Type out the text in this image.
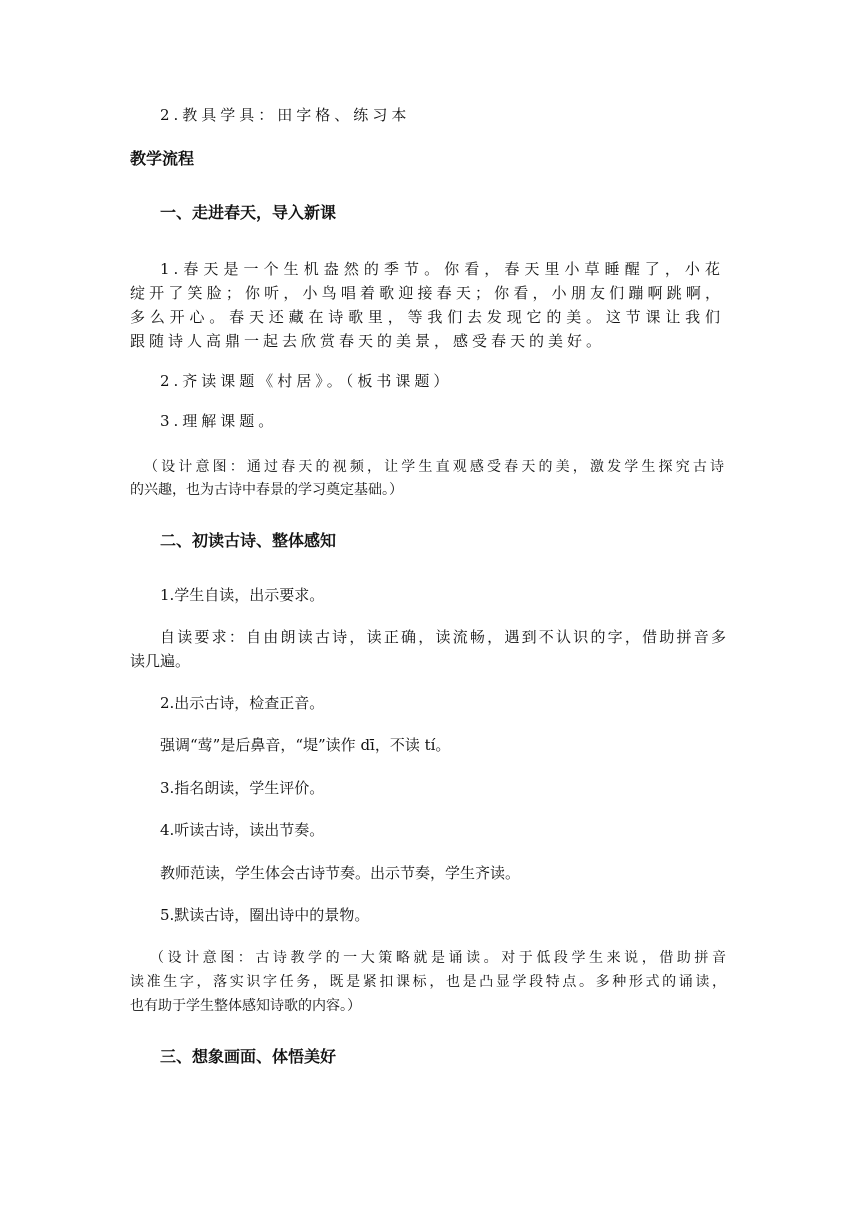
2.教具学具：田字格、练习本
教学流程
一、走进春天，导入新课
1.春天是一个生机盎然的季节。你看，春天里小草睡醒了，小花
绽开了笑脸；你听，小鸟唱着歌迎接春天；你看，小朋友们蹦啊跳啊，
多么开心。春天还藏在诗歌里，等我们去发现它的美。这节课让我们
跟随诗人高鼎一起去欣赏春天的美景，感受春天的美好。
2.齐读课题《村居》。（板书课题）
3.理解课题。
（设计意图：通过春天的视频，让学生直观感受春天的美，激发学生探究古诗
的兴趣，也为古诗中春景的学习奠定基础。）
二、初读古诗、整体感知
1.学生自读，出示要求。
自读要求：自由朗读古诗，读正确，读流畅，遇到不认识的字，借助拼音多
读几遍。
2.出示古诗，检查正音。
强调“莺”是后鼻音，“堤”读作 dī，不读 tí。
3.指名朗读，学生评价。
4.听读古诗，读出节奏。
教师范读，学生体会古诗节奏。出示节奏，学生齐读。
5.默读古诗，圈出诗中的景物。
（设计意图：古诗教学的一大策略就是诵读。对于低段学生来说，借助拼音
读准生字，落实识字任务，既是紧扣课标，也是凸显学段特点。多种形式的诵读，
也有助于学生整体感知诗歌的内容。）
三、想象画面、体悟美好
